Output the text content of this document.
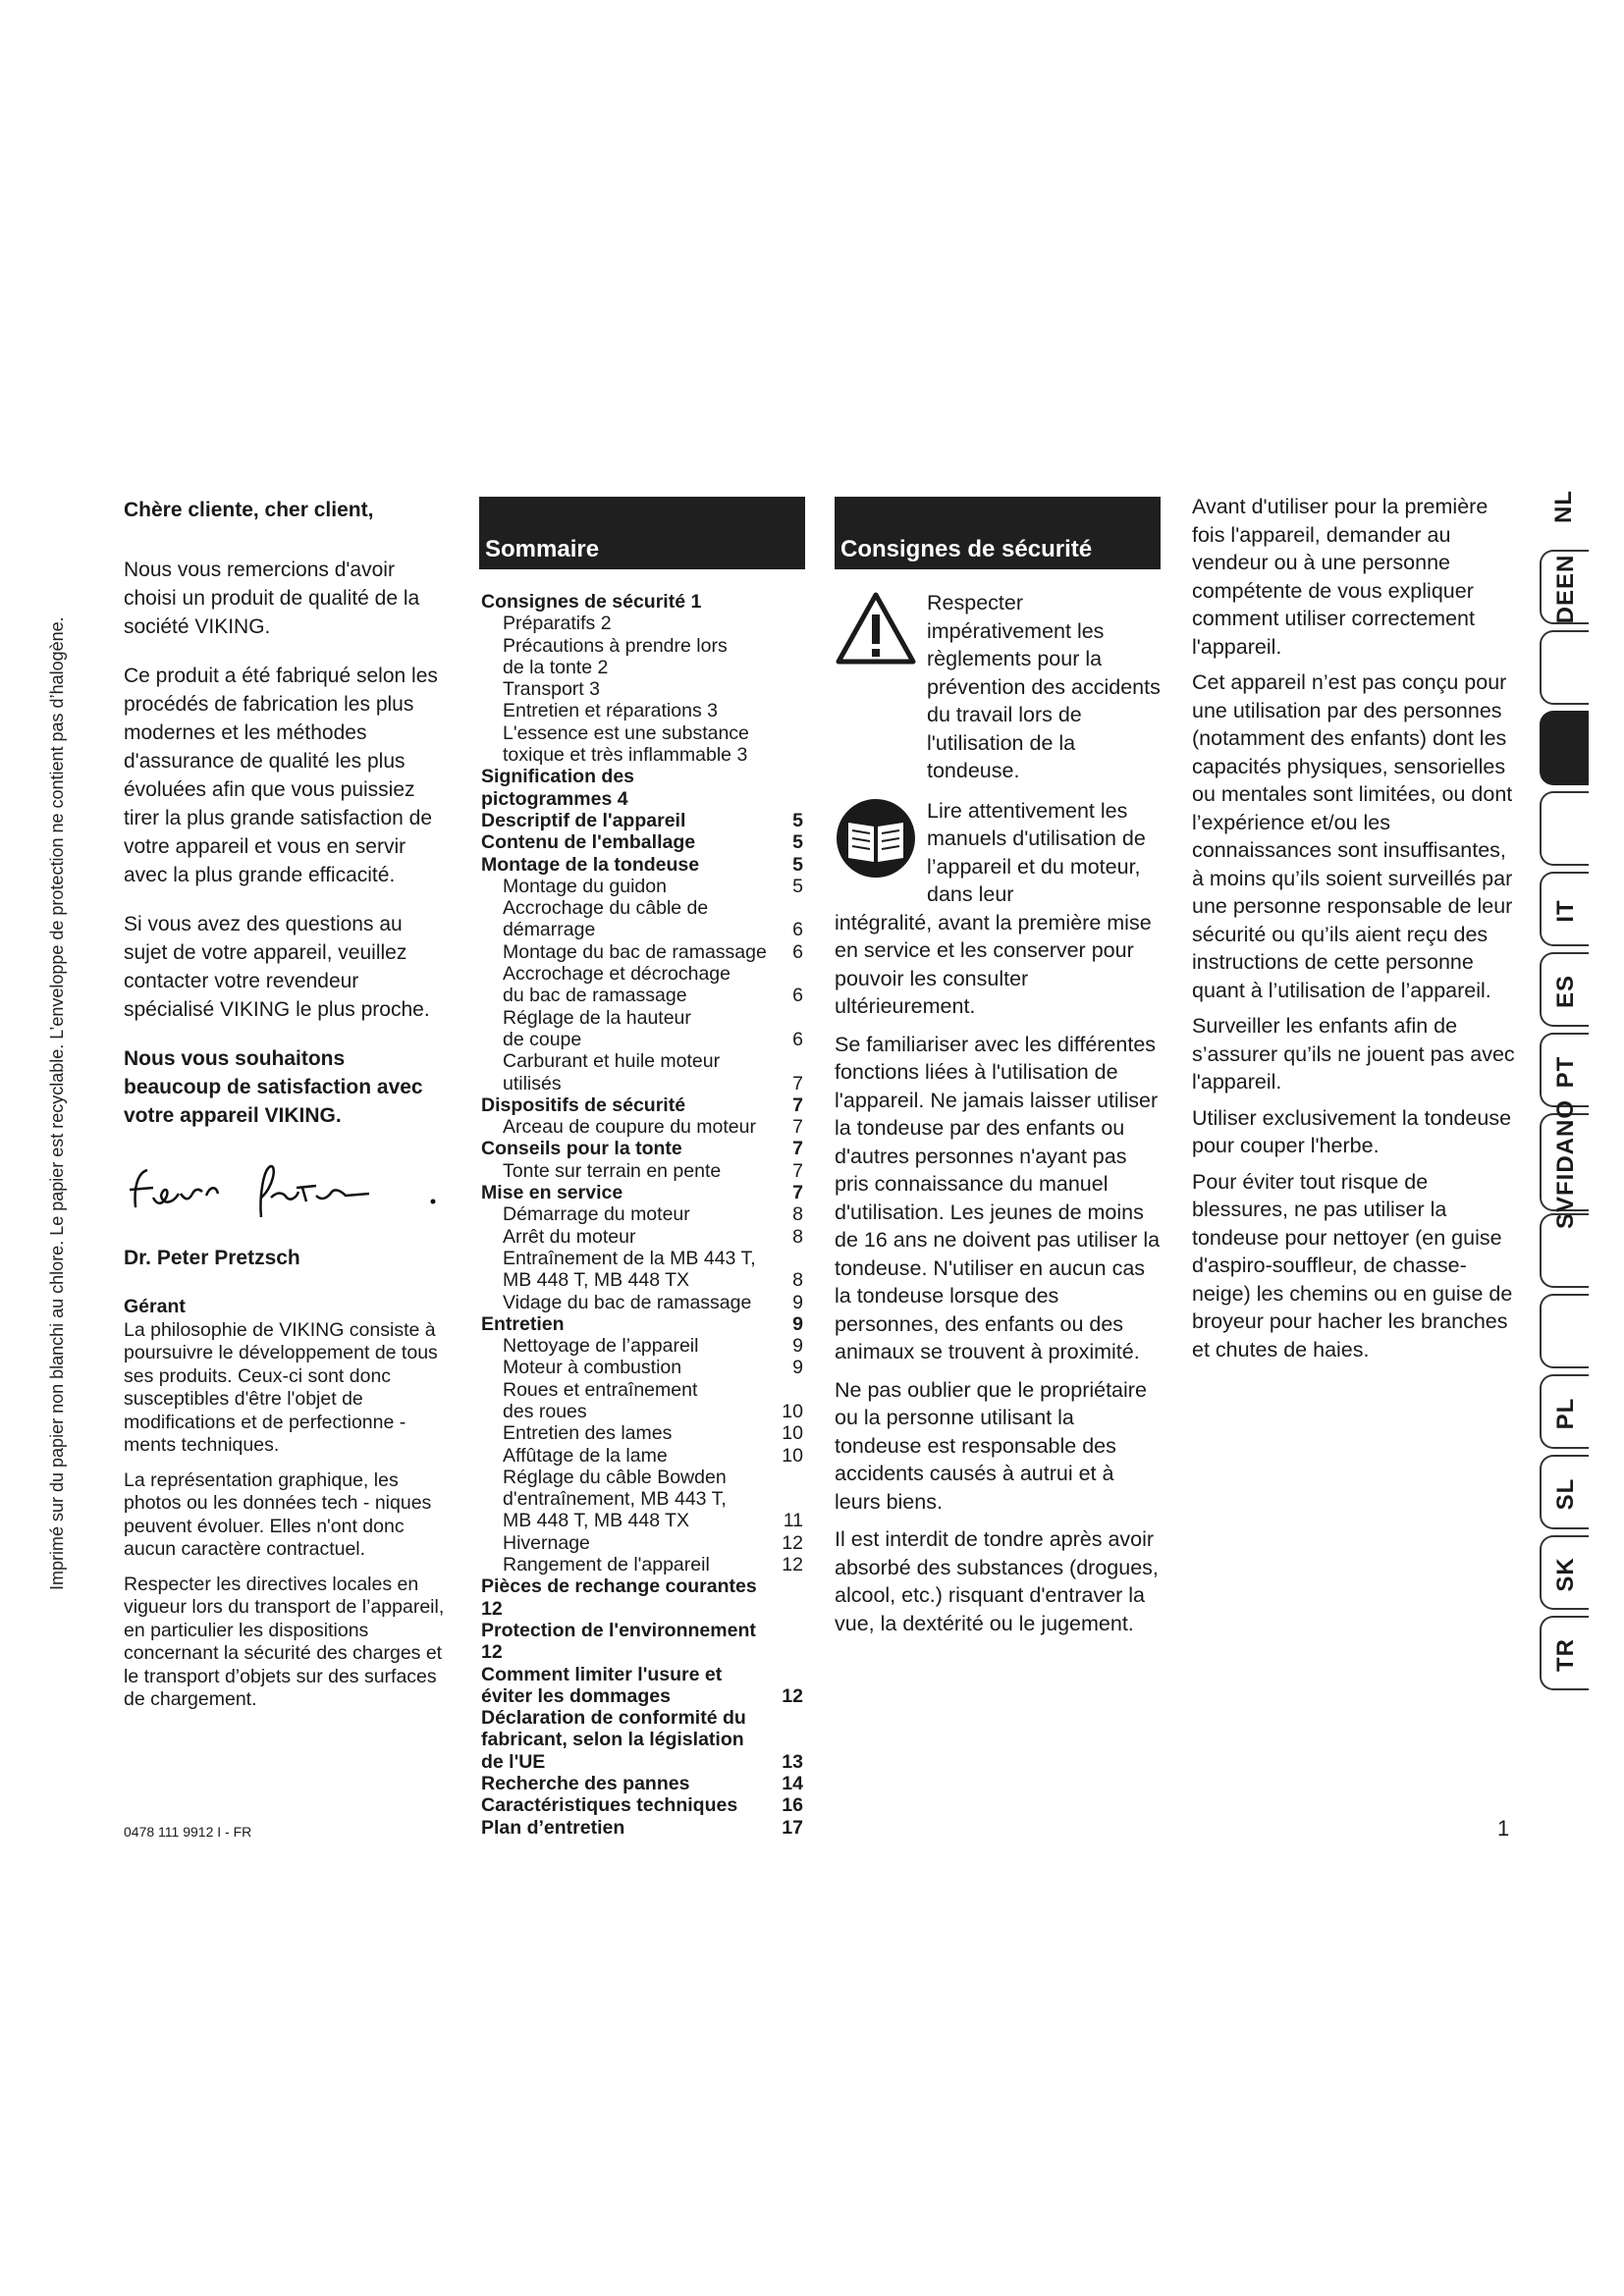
Imprimé sur du papier non blanchi au chlore. Le papier est recyclable. L’enveloppe de protection ne contient pas d’halogène.

Chère cliente, cher client,

Nous vous remercions d'avoir choisi un produit de qualité de la société VIKING.

Ce produit a été fabriqué selon les procédés de fabrication les plus modernes et les méthodes d'assurance de qualité les plus évoluées afin que vous puissiez tirer la plus grande satisfaction de votre appareil et vous en servir avec la plus grande efficacité.

Si vous avez des questions au sujet de votre appareil, veuillez contacter votre revendeur spécialisé VIKING le plus proche.

Nous vous souhaitons beaucoup de satisfaction avec votre appareil VIKING.

Dr. Peter Pretzsch

Gérant

La philosophie de VIKING consiste à poursuivre le développement de tous ses produits. Ceux-ci sont donc susceptibles d'être l'objet de modifications et de perfectionne - ments techniques.

La représentation graphique, les photos ou les données tech - niques peuvent évoluer. Elles n'ont donc aucun caractère contractuel.

Respecter les directives locales en vigueur lors du transport de l’appareil, en particulier les dispositions concernant la sécurité des charges et le transport d’objets sur des surfaces de chargement.

0478 111 9912 I - FR
Sommaire
Consignes de sécurité 1
Préparatifs 2
Précautions à prendre lors
de la tonte 2
Transport 3
Entretien et réparations 3
L'essence est une substance
toxique et très inflammable 3
Signification des
pictogrammes 4
Descriptif de l'appareil	5
Contenu de l'emballage	5
Montage de la tondeuse	5
Montage du guidon	5
Accrochage du câble de
démarrage	6
Montage du bac de ramassage	6
Accrochage et décrochage
du bac de ramassage	6
Réglage de la hauteur
de coupe	6
Carburant et huile moteur
utilisés	7
Dispositifs de sécurité	7
Arceau de coupure du moteur	7
Conseils pour la tonte	7
Tonte sur terrain en pente	7
Mise en service	7
Démarrage du moteur	8
Arrêt du moteur	8
Entraînement de la MB 443 T,
MB 448 T, MB 448 TX	8
Vidage du bac de ramassage	9
Entretien	9
Nettoyage de l’appareil	9
Moteur à combustion	9
Roues et entraînement
des roues	10
Entretien des lames	10
Affûtage de la lame	10
Réglage du câble Bowden
d'entraînement, MB 443 T,
MB 448 T, MB 448 TX	11
Hivernage	12
Rangement de l'appareil	12
Pièces de rechange courantes 12
Protection de l'environnement 12
Comment limiter l'usure et
éviter les dommages	12
Déclaration de conformité du
fabricant, selon la législation
de l'UE	13
Recherche des pannes	14
Caractéristiques techniques	16
Plan d’entretien	17
Consignes de sécurité
Respecter impérativement les règlements pour la prévention des accidents du travail lors de l'utilisation de la tondeuse.
Lire attentivement les manuels d'utilisation de l’appareil et du moteur, dans leur

intégralité, avant la première mise en service et les conserver pour pouvoir les consulter ultérieurement.

Se familiariser avec les différentes fonctions liées à l'utilisation de l'appareil. Ne jamais laisser utiliser la tondeuse par des enfants ou d'autres personnes n'ayant pas pris connaissance du manuel d'utilisation. Les jeunes de moins de 16 ans ne doivent pas utiliser la tondeuse. N'utiliser en aucun cas la tondeuse lorsque des personnes, des enfants ou des animaux se trouvent à proximité.

Ne pas oublier que le propriétaire ou la personne utilisant la tondeuse est responsable des accidents causés à autrui et à leurs biens.

Il est interdit de tondre après avoir absorbé des substances (drogues, alcool, etc.) risquant d'entraver la vue, la dextérité ou le jugement.

Avant d'utiliser pour la première fois l'appareil, demander au vendeur ou à une personne compétente de vous expliquer comment utiliser correctement l'appareil.

Cet appareil n’est pas conçu pour une utilisation par des personnes (notamment des enfants) dont les capacités physiques, sensorielles ou mentales sont limitées, ou dont l’expérience et/ou les connaissances sont insuffisantes, à moins qu’ils soient surveillés par une personne responsable de leur sécurité ou qu’ils aient reçu des instructions de cette personne quant à l’utilisation de l’appareil.

Surveiller les enfants afin de s’assurer qu’ils ne jouent pas avec l'appareil.

Utiliser exclusivement la tondeuse pour couper l'herbe.

Pour éviter tout risque de blessures, ne pas utiliser la tondeuse pour nettoyer (en guise d'aspiro-souffleur, de chasse-neige) les chemins ou en guise de broyeur pour hacher les branches et chutes de haies.

NL
DEEN
IT
ES
PT
SVFIDANO
PL
SL
SK
TR
1
